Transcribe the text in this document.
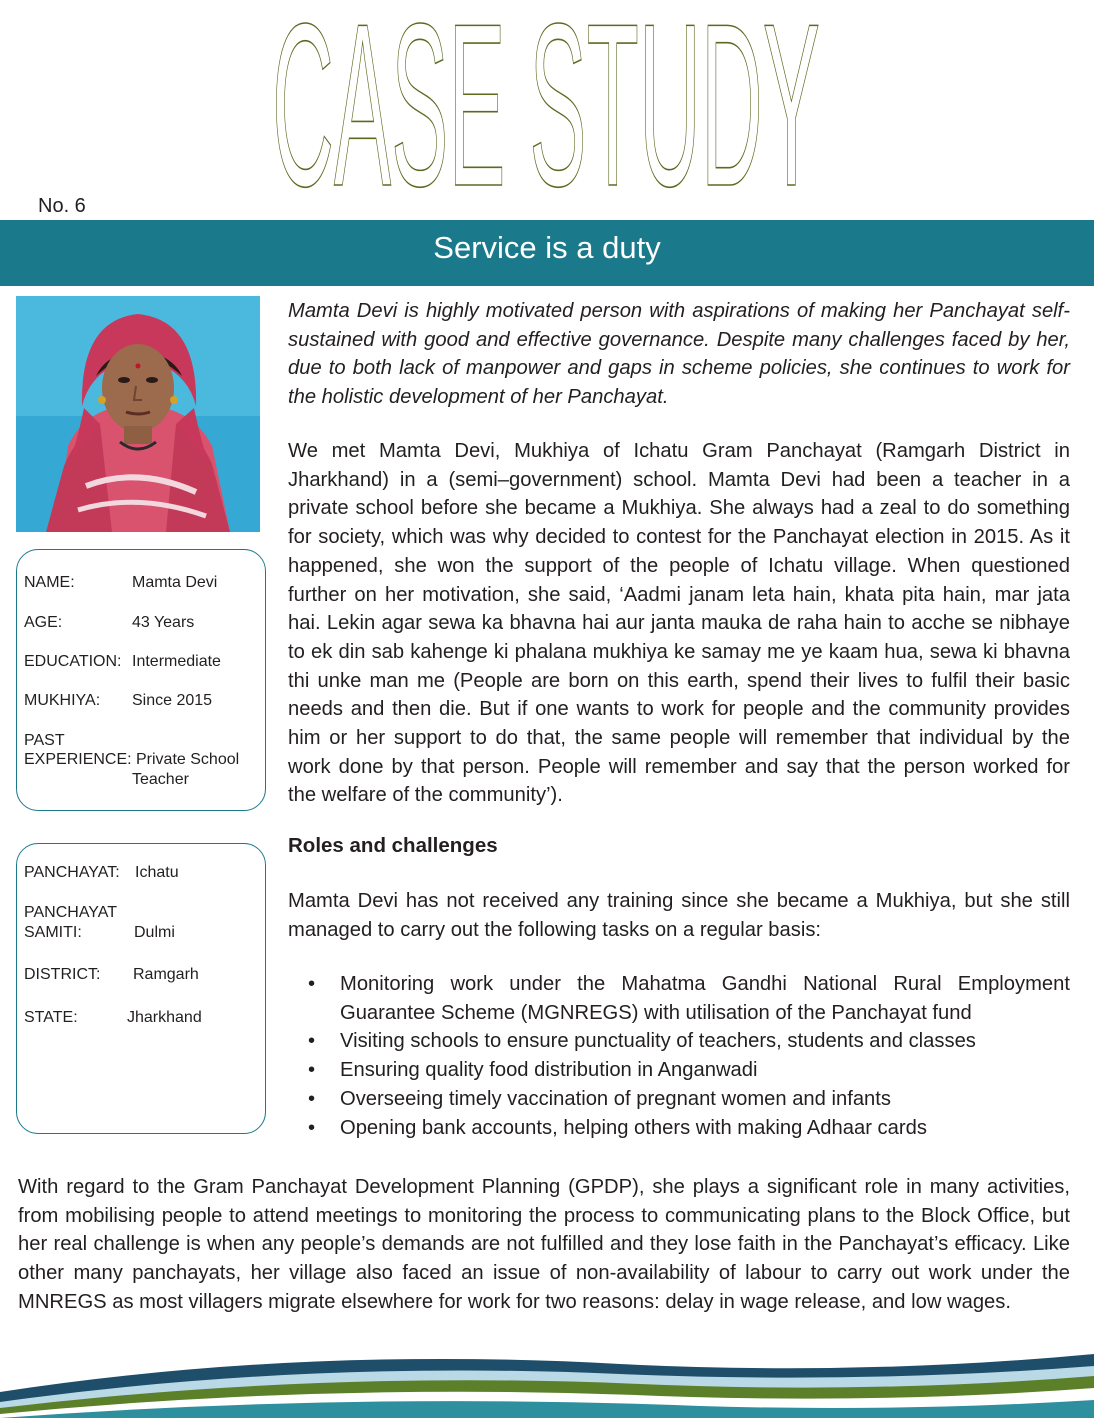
CASE STUDY
No. 6
Service is a duty
NAME:	Mamta Devi
AGE:	43 Years
EDUCATION: Intermediate
MUKHIYA: Since 2015
PAST
EXPERIENCE: Private School
Teacher
PANCHAYAT: Ichatu
PANCHAYAT
SAMITI:	Dulmi
DISTRICT: Ramgarh
STATE:	Jharkhand

Mamta Devi is highly motivated person with aspirations of making her Panchayat self-sustained with good and effective governance. Despite many challenges faced by her, due to both lack of manpower and gaps in scheme policies, she continues to work for the holistic development of her Panchayat.

We met Mamta Devi, Mukhiya of Ichatu Gram Panchayat (Ramgarh District in Jharkhand) in a (semi–government) school. Mamta Devi had been a teacher in a private school before she became a Mukhiya. She always had a zeal to do something for society, which was why decided to contest for the Panchayat election in 2015. As it happened, she won the support of the people of Ichatu village. When questioned further on her motivation, she said, ‘Aadmi janam leta hain, khata pita hain, mar jata hai. Lekin agar sewa ka bhavna hai aur janta mauka de raha hain to acche se nibhaye to ek din sab kahenge ki phalana mukhiya ke samay me ye kaam hua, sewa ki bhavna thi unke man me (People are born on this earth, spend their lives to fulfil their basic needs and then die. But if one wants to work for people and the community provides him or her support to do that, the same people will remember that individual by the work done by that person. People will remember and say that the person worked for the welfare of the community’).

Roles and challenges

Mamta Devi has not received any training since she became a Mukhiya, but she still managed to carry out the following tasks on a regular basis:

• Monitoring work under the Mahatma Gandhi National Rural Employment Guarantee Scheme (MGNREGS) with utilisation of the Panchayat fund
• Visiting schools to ensure punctuality of teachers, students and classes
• Ensuring quality food distribution in Anganwadi
• Overseeing timely vaccination of pregnant women and infants
• Opening bank accounts, helping others with making Adhaar cards

With regard to the Gram Panchayat Development Planning (GPDP), she plays a significant role in many activities, from mobilising people to attend meetings to monitoring the process to communicating plans to the Block Office, but her real challenge is when any people’s demands are not fulfilled and they lose faith in the Panchayat’s efficacy. Like other many panchayats, her village also faced an issue of non-availability of labour to carry out work under the MNREGS as most villagers migrate elsewhere for work for two reasons: delay in wage release, and low wages.
